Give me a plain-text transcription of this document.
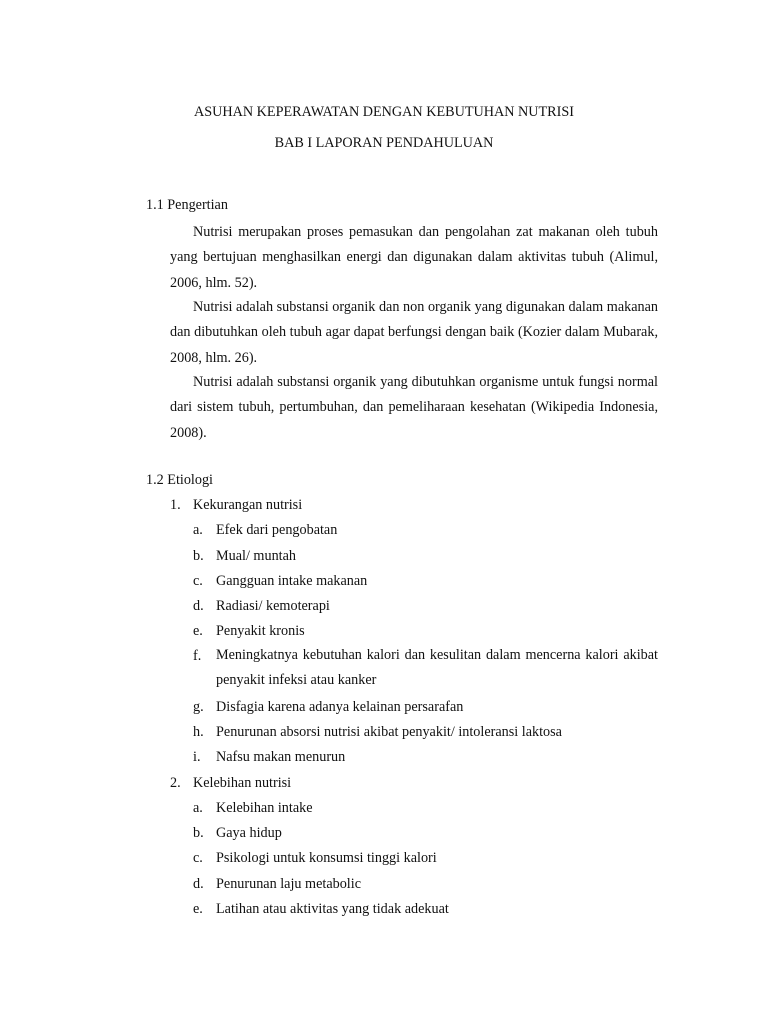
ASUHAN KEPERAWATAN DENGAN KEBUTUHAN NUTRISI
BAB I LAPORAN PENDAHULUAN
1.1 Pengertian
Nutrisi merupakan proses pemasukan dan pengolahan zat makanan oleh tubuh yang bertujuan menghasilkan energi dan digunakan dalam aktivitas tubuh (Alimul, 2006, hlm. 52).
Nutrisi adalah substansi organik dan non organik yang digunakan dalam makanan dan dibutuhkan oleh tubuh agar dapat berfungsi dengan baik (Kozier dalam Mubarak, 2008, hlm. 26).
Nutrisi adalah substansi organik yang dibutuhkan organisme untuk fungsi normal dari sistem tubuh, pertumbuhan, dan pemeliharaan kesehatan (Wikipedia Indonesia, 2008).
1.2 Etiologi
1. Kekurangan nutrisi
a. Efek dari pengobatan
b. Mual/ muntah
c. Gangguan intake makanan
d. Radiasi/ kemoterapi
e. Penyakit kronis
f. Meningkatnya kebutuhan kalori dan kesulitan dalam mencerna kalori akibat penyakit infeksi atau kanker
g. Disfagia karena adanya kelainan persarafan
h. Penurunan absorsi nutrisi akibat penyakit/ intoleransi laktosa
i. Nafsu makan menurun
2. Kelebihan nutrisi
a. Kelebihan intake
b. Gaya hidup
c. Psikologi untuk konsumsi tinggi kalori
d. Penurunan laju metabolic
e. Latihan atau aktivitas yang tidak adekuat
